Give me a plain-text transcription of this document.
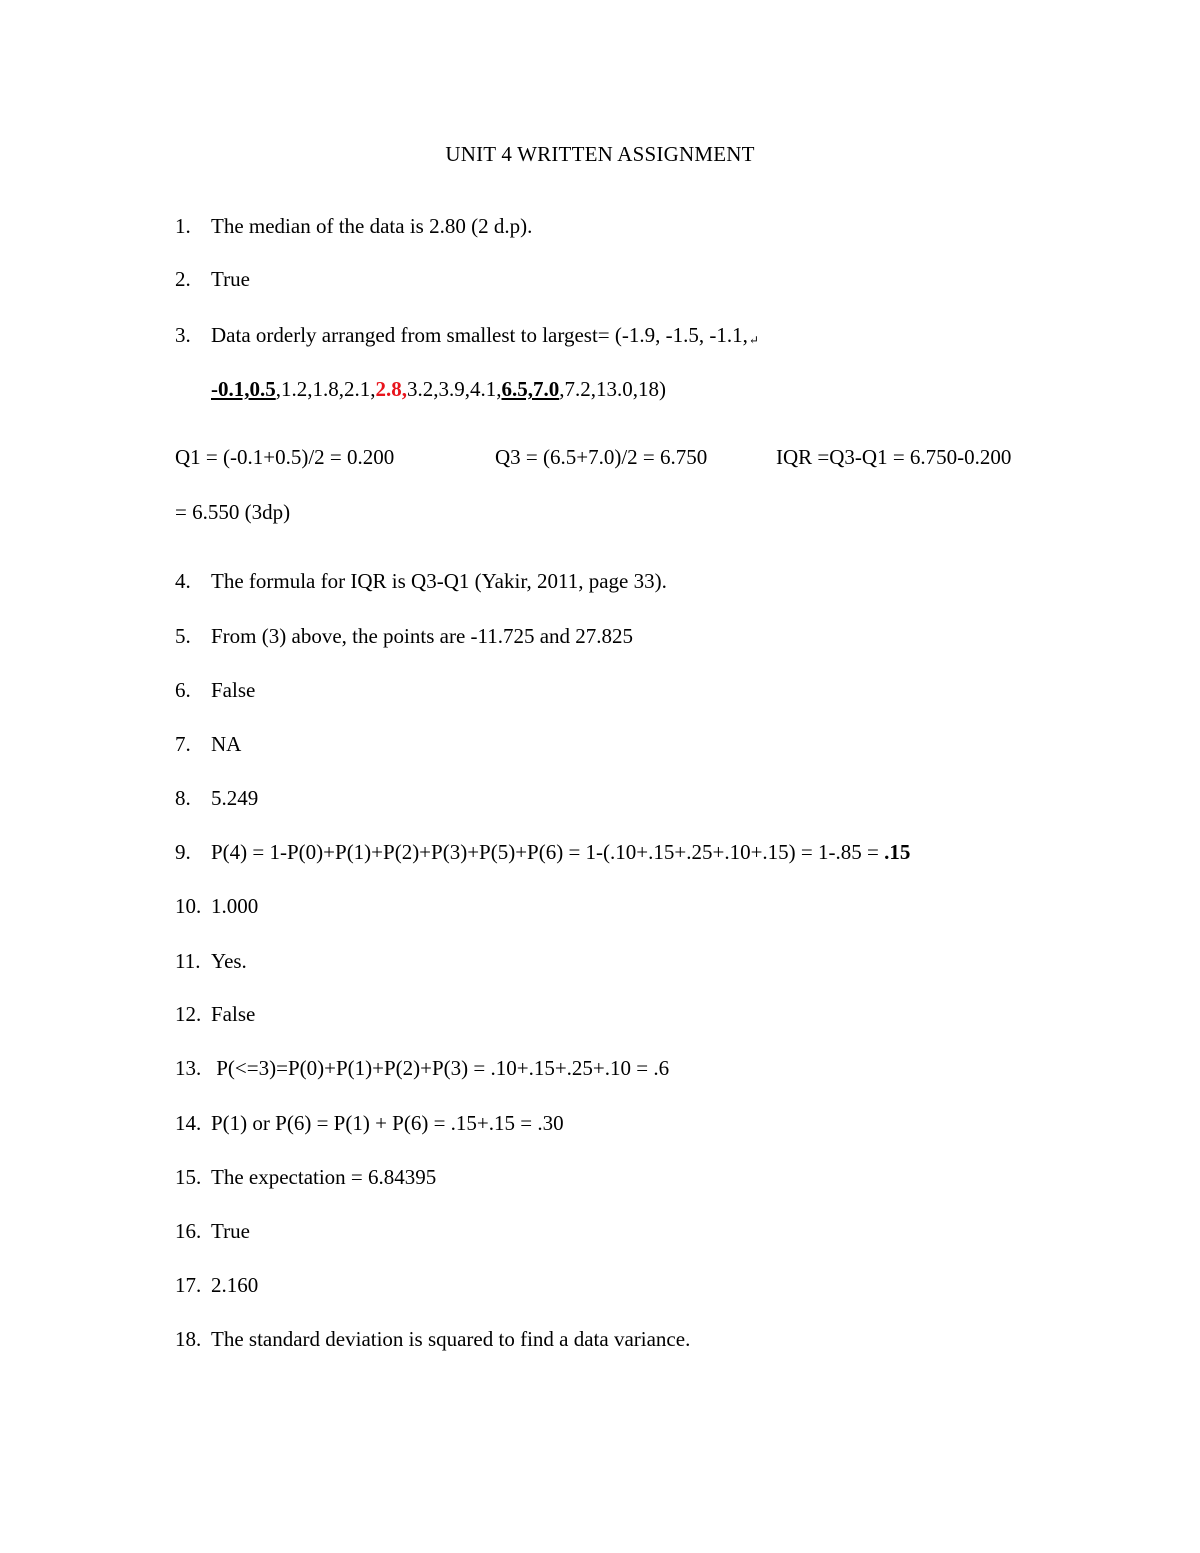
UNIT 4 WRITTEN ASSIGNMENT
1. The median of the data is 2.80 (2 d.p).
2. True
3. Data orderly arranged from smallest to largest= (-1.9, -1.5, -1.1,↵
-0.1,0.5,1.2,1.8,2.1,2.8,3.2,3.9,4.1,6.5,7.0,7.2,13.0,18)
Q1 = (-0.1+0.5)/2 = 0.200	Q3 = (6.5+7.0)/2 = 6.750	IQR =Q3-Q1 = 6.750-0.200
= 6.550 (3dp)
4. The formula for IQR is Q3-Q1 (Yakir, 2011, page 33).
5. From (3) above, the points are -11.725 and 27.825
6. False
7. NA
8. 5.249
9. P(4) = 1-P(0)+P(1)+P(2)+P(3)+P(5)+P(6) = 1-(.10+.15+.25+.10+.15) = 1-.85 = .15
10. 1.000
11. Yes.
12. False
13. P(<=3)=P(0)+P(1)+P(2)+P(3) = .10+.15+.25+.10 = .6
14. P(1) or P(6) = P(1) + P(6) = .15+.15 = .30
15. The expectation = 6.84395
16. True
17. 2.160
18. The standard deviation is squared to find a data variance.
